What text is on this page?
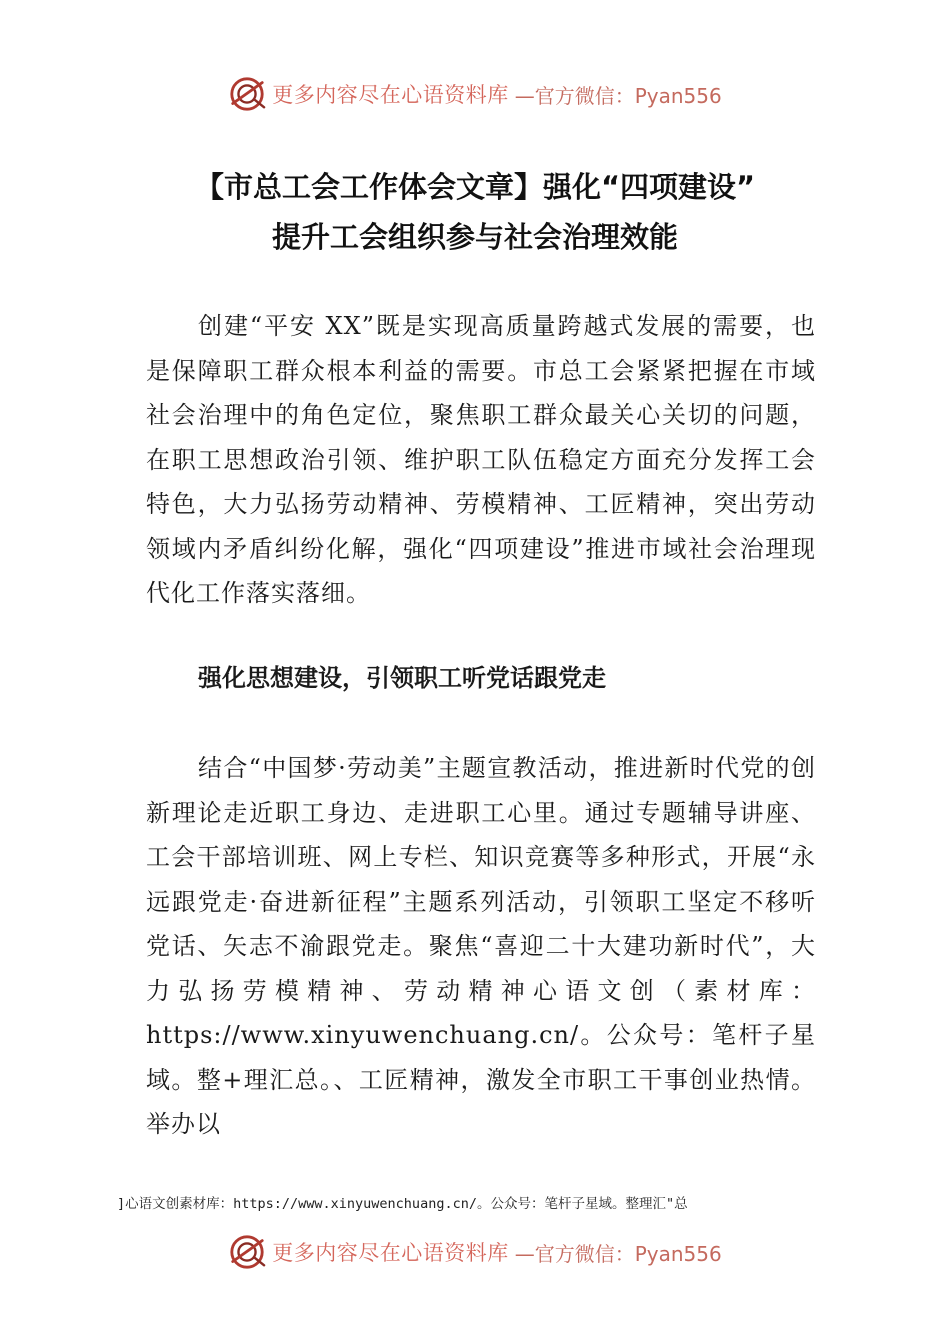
更多内容尽在心语资料库 —官方微信：Pyan556
【市总工会工作体会文章】强化“四项建设”
提升工会组织参与社会治理效能

创建“平安 XX”既是实现高质量跨越式发展的需要，也是保障职工群众根本利益的需要。市总工会紧紧把握在市域社会治理中的角色定位，聚焦职工群众最关心关切的问题，在职工思想政治引领、维护职工队伍稳定方面充分发挥工会特色，大力弘扬劳动精神、劳模精神、工匠精神，突出劳动领域内矛盾纠纷化解，强化“四项建设”推进市域社会治理现代化工作落实落细。

强化思想建设，引领职工听党话跟党走

结合“中国梦·劳动美”主题宣教活动，推进新时代党的创新理论走近职工身边、走进职工心里。通过专题辅导讲座、工会干部培训班、网上专栏、知识竞赛等多种形式，开展“永远跟党走·奋进新征程”主题系列活动，引领职工坚定不移听党话、矢志不渝跟党走。聚焦“喜迎二十大建功新时代”，大力弘扬劳模精神、劳动精神心语文创（素材库：https://www.xinyuwenchuang.cn/。公众号：笔杆子星域。整+理汇总。、工匠精神，激发全市职工干事创业热情。举办以

]心语文创素材库：https://www.xinyuwenchuang.cn/。公众号：笔杆子星域。整理汇"总
更多内容尽在心语资料库 —官方微信：Pyan556
